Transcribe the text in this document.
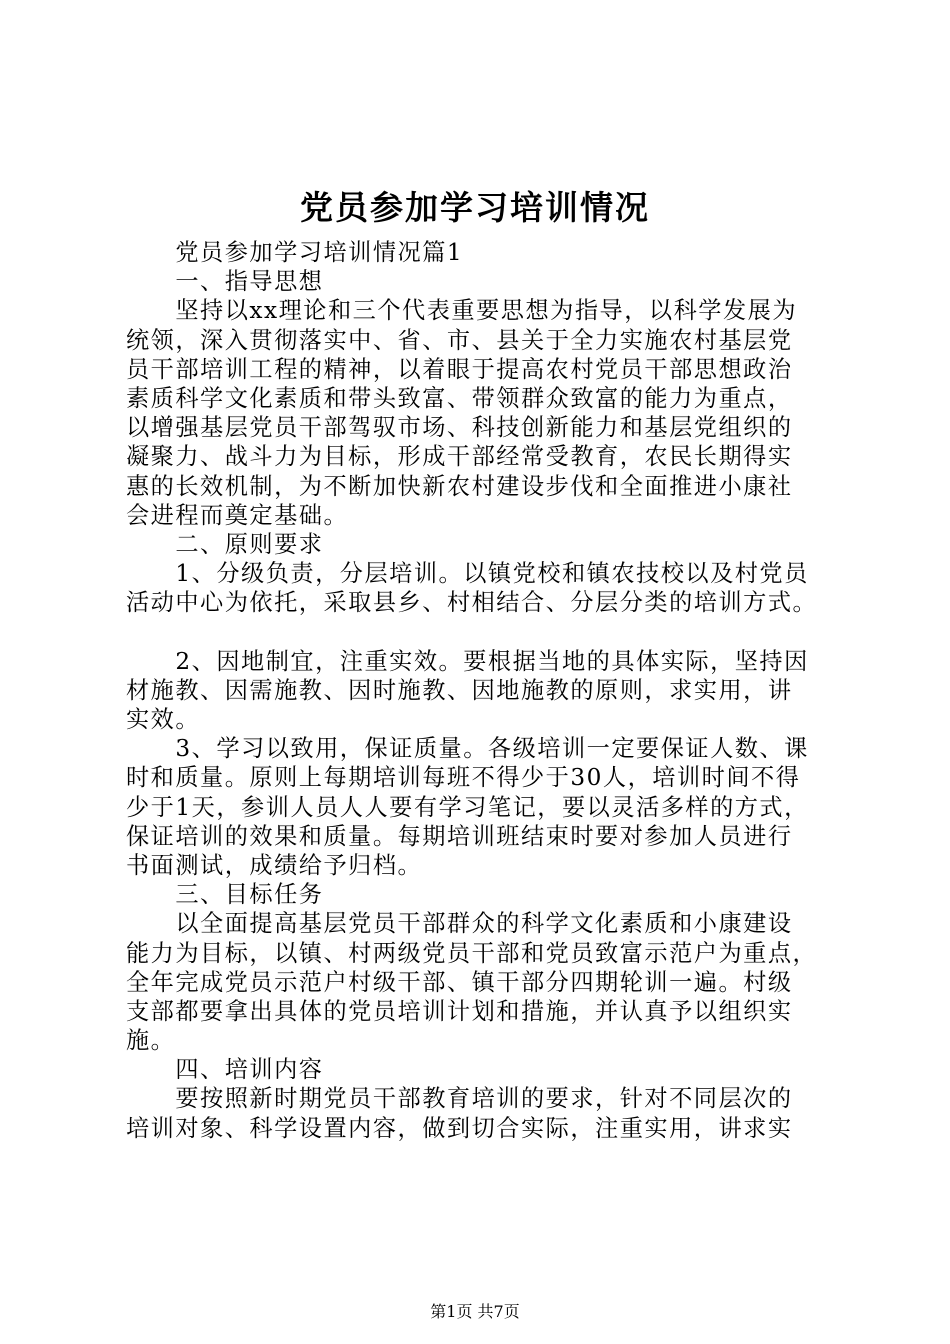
党员参加学习培训情况
　　党员参加学习培训情况篇1
　　一、指导思想
　　坚持以xx理论和三个代表重要思想为指导，以科学发展为
统领，深入贯彻落实中、省、市、县关于全力实施农村基层党
员干部培训工程的精神，以着眼于提高农村党员干部思想政治
素质科学文化素质和带头致富、带领群众致富的能力为重点，
以增强基层党员干部驾驭市场、科技创新能力和基层党组织的
凝聚力、战斗力为目标，形成干部经常受教育，农民长期得实
惠的长效机制，为不断加快新农村建设步伐和全面推进小康社
会进程而奠定基础。
　　二、原则要求
　　1、分级负责，分层培训。以镇党校和镇农技校以及村党员
活动中心为依托，采取县乡、村相结合、分层分类的培训方式。
　　2、因地制宜，注重实效。要根据当地的具体实际，坚持因
材施教、因需施教、因时施教、因地施教的原则，求实用，讲
实效。
　　3、学习以致用，保证质量。各级培训一定要保证人数、课
时和质量。原则上每期培训每班不得少于30人，培训时间不得
少于1天，参训人员人人要有学习笔记，要以灵活多样的方式，
保证培训的效果和质量。每期培训班结束时要对参加人员进行
书面测试，成绩给予归档。
　　三、目标任务
　　以全面提高基层党员干部群众的科学文化素质和小康建设
能力为目标，以镇、村两级党员干部和党员致富示范户为重点，
全年完成党员示范户村级干部、镇干部分四期轮训一遍。村级
支部都要拿出具体的党员培训计划和措施，并认真予以组织实
施。
　　四、培训内容
　　要按照新时期党员干部教育培训的要求，针对不同层次的
培训对象、科学设置内容，做到切合实际，注重实用，讲求实
第1页 共7页
